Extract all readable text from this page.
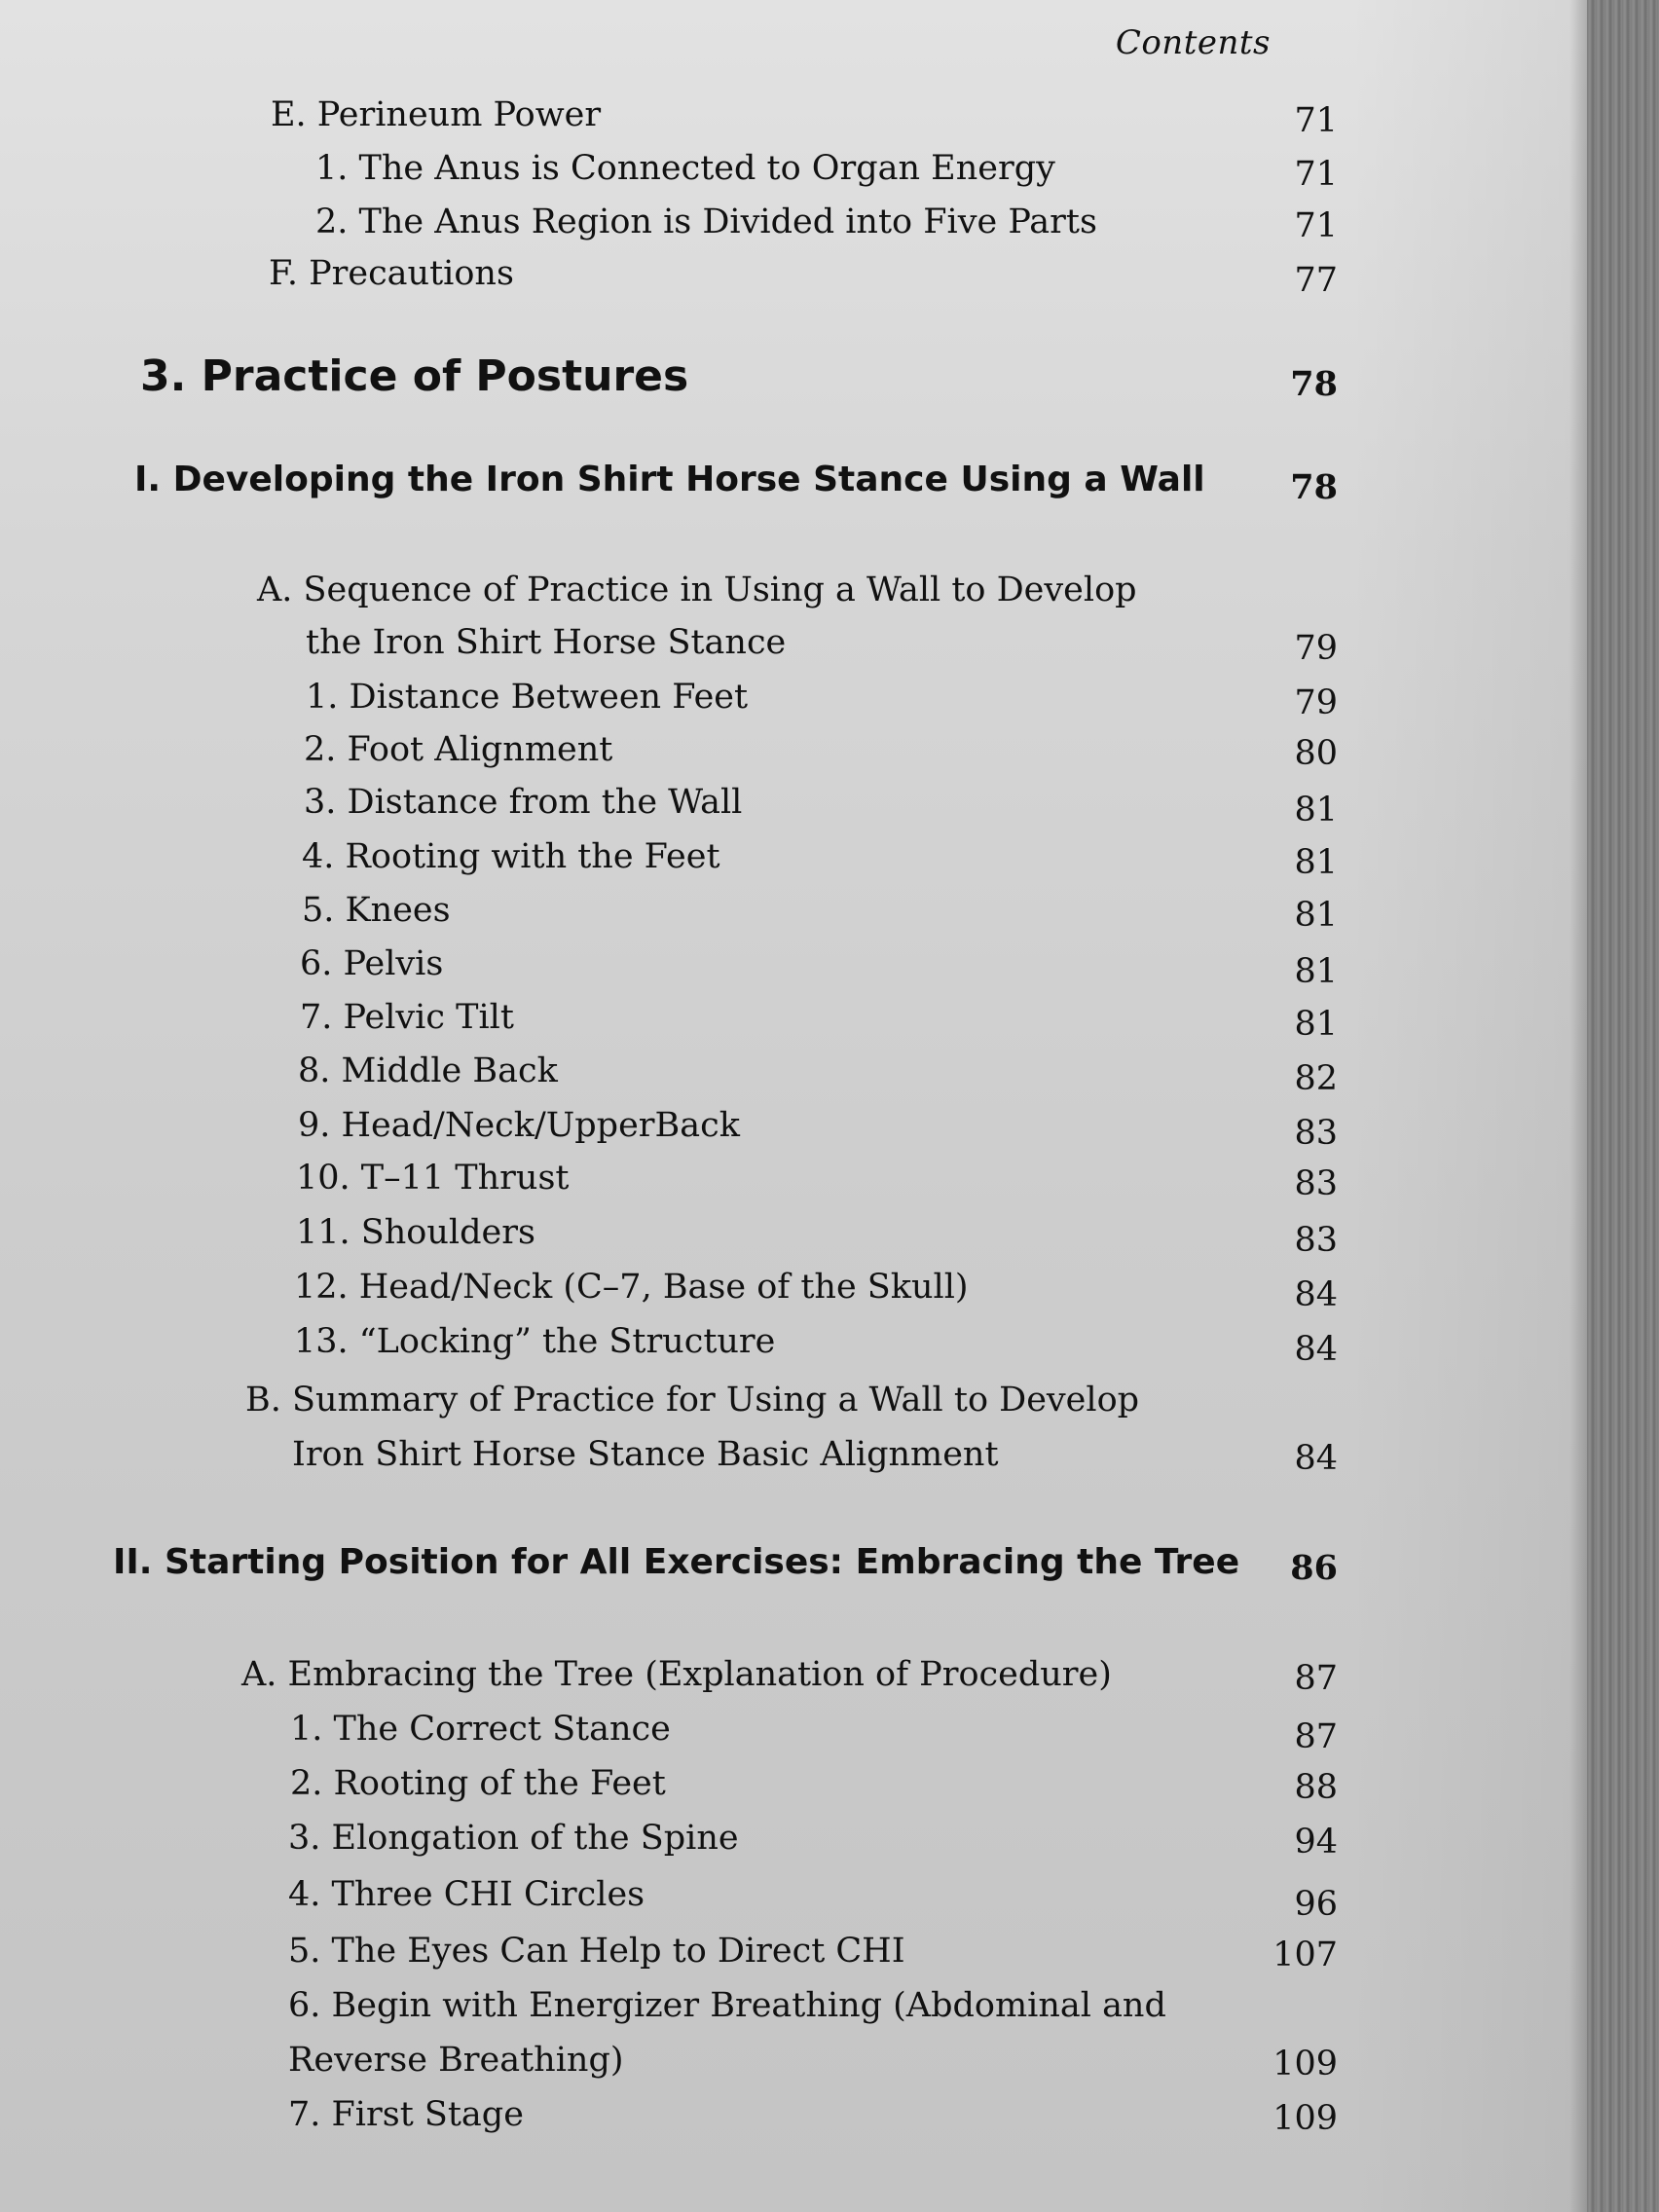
Contents
E. Perineum Power	71
1. The Anus is Connected to Organ Energy	71
2. The Anus Region is Divided into Five Parts	71
F. Precautions	77
3. Practice of Postures	78
I. Developing the Iron Shirt Horse Stance Using a Wall	78
A. Sequence of Practice in Using a Wall to Develop
the Iron Shirt Horse Stance	79
1. Distance Between Feet	79
2. Foot Alignment	80
3. Distance from the Wall	81
4. Rooting with the Feet	81
5. Knees	81
6. Pelvis	81
7. Pelvic Tilt	81
8. Middle Back	82
9. Head/Neck/UpperBack	83
10. T–11 Thrust	83
11. Shoulders	83
12. Head/Neck (C–7, Base of the Skull)	84
13. “Locking” the Structure	84
B. Summary of Practice for Using a Wall to Develop
Iron Shirt Horse Stance Basic Alignment	84
II. Starting Position for All Exercises: Embracing the Tree	86
A. Embracing the Tree (Explanation of Procedure)	87
1. The Correct Stance	87
2. Rooting of the Feet	88
3. Elongation of the Spine	94
4. Three CHI Circles	96
5. The Eyes Can Help to Direct CHI	107
6. Begin with Energizer Breathing (Abdominal and
Reverse Breathing)	109
7. First Stage	109
